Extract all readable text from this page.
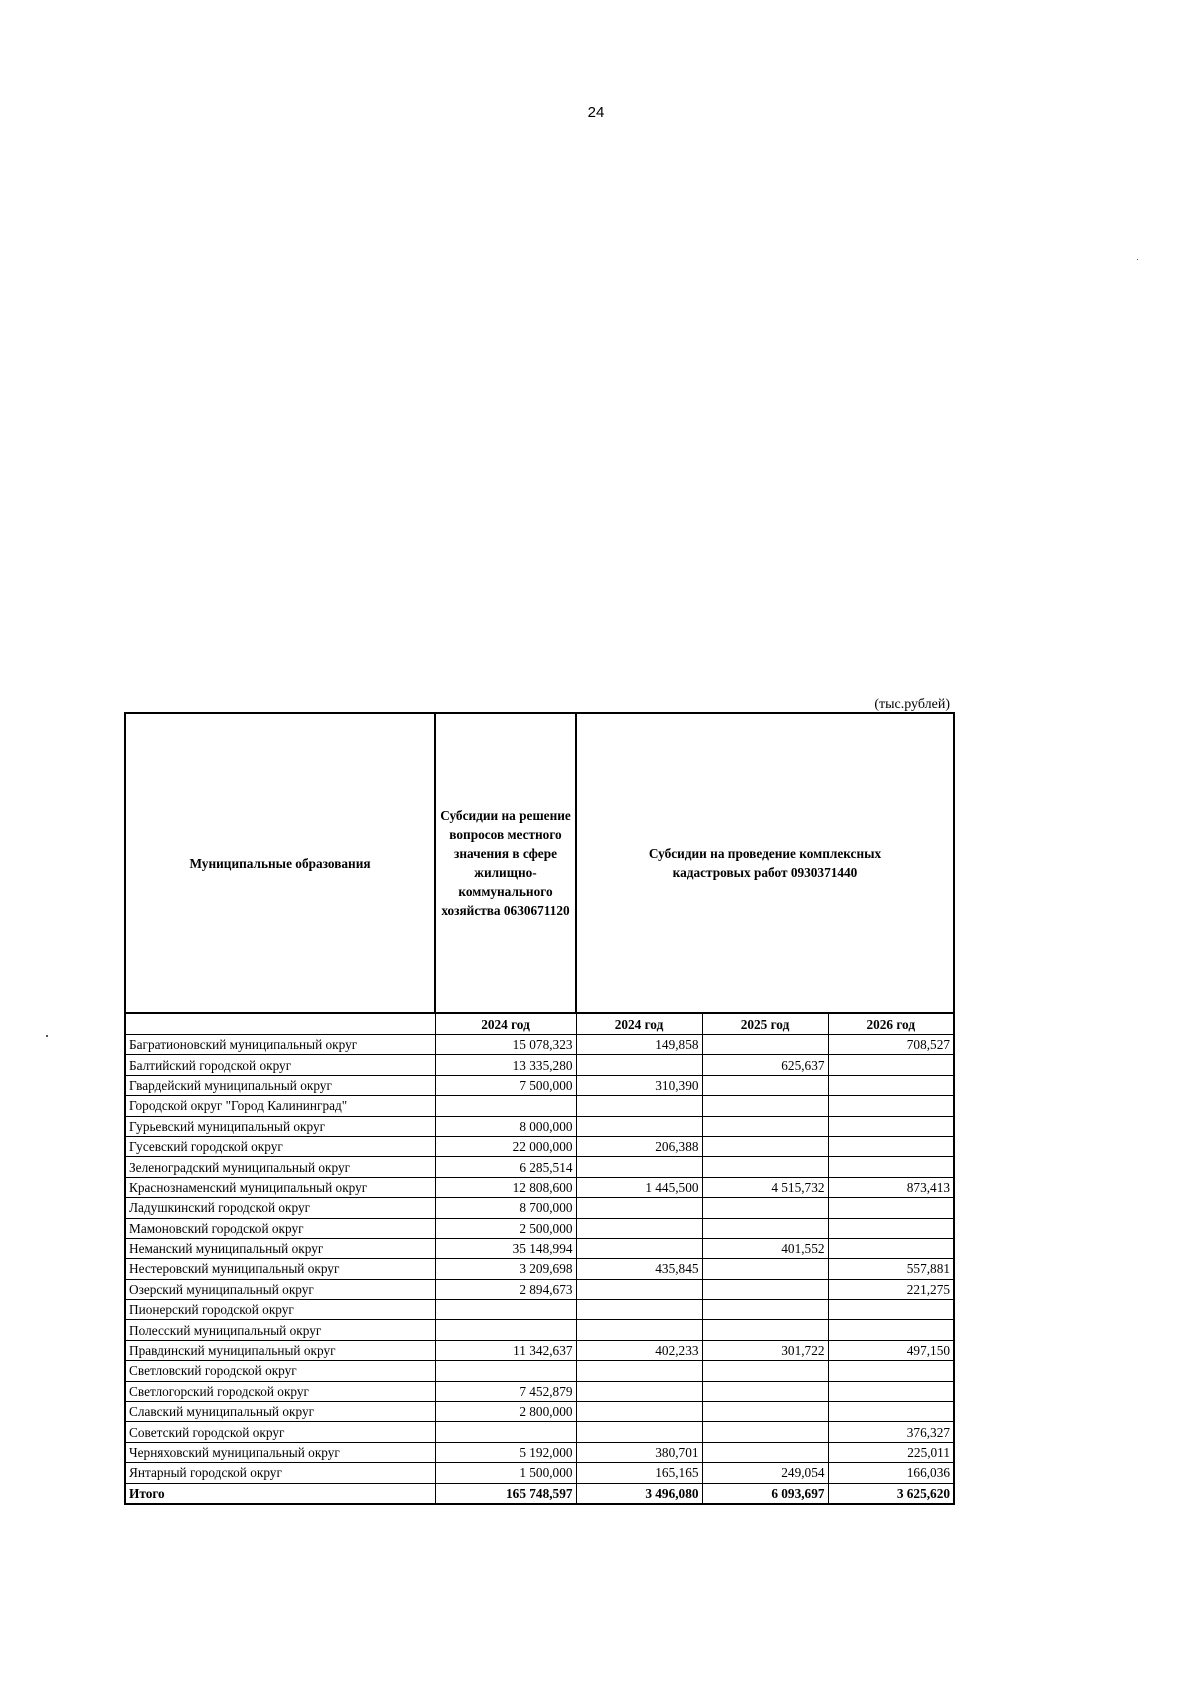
24
(тыс.рублей)
Муниципальные образования	Субсидии на решение вопросов местного значения в сфере жилищно-коммунального хозяйства 0630671120	Субсидии на проведение комплексных кадастровых работ 0930371440		
	2024 год	2024 год	2025 год	2026 год
Багратионовский муниципальный округ	15 078,323	149,858		708,527
Балтийский городской округ	13 335,280		625,637	
Гвардейский муниципальный округ	7 500,000	310,390		
Городской округ "Город Калининград"				
Гурьевский муниципальный округ	8 000,000			
Гусевский городской округ	22 000,000	206,388		
Зеленоградский муниципальный округ	6 285,514			
Краснознаменский муниципальный округ	12 808,600	1 445,500	4 515,732	873,413
Ладушкинский городской округ	8 700,000			
Мамоновский городской округ	2 500,000			
Неманский муниципальный округ	35 148,994		401,552	
Нестеровский муниципальный округ	3 209,698	435,845		557,881
Озерский муниципальный округ	2 894,673			221,275
Пионерский городской округ				
Полесский муниципальный округ				
Правдинский муниципальный округ	11 342,637	402,233	301,722	497,150
Светловский городской округ				
Светлогорский городской округ	7 452,879			
Славский муниципальный округ	2 800,000			
Советский городской округ				376,327
Черняховский муниципальный округ	5 192,000	380,701		225,011
Янтарный городской округ	1 500,000	165,165	249,054	166,036
Итого	165 748,597	3 496,080	6 093,697	3 625,620
